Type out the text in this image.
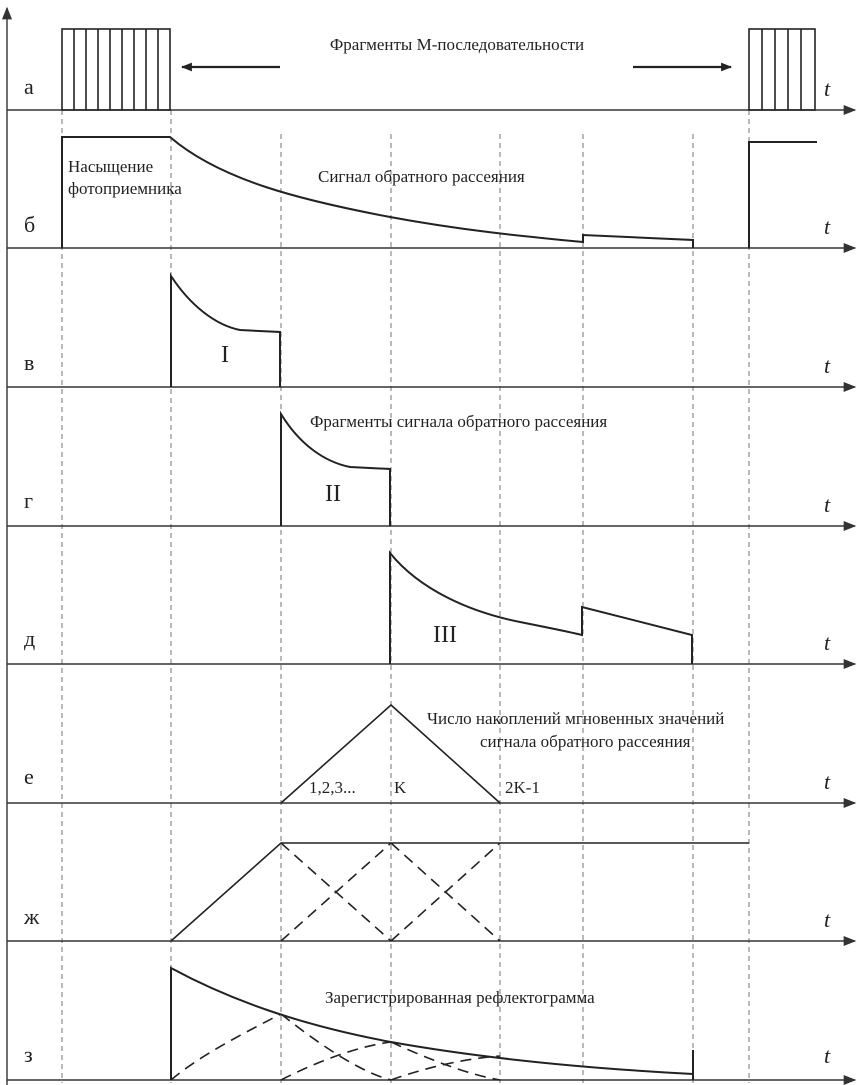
а
б
в
г
д
е
ж
з
t
t
t
t
t
t
t
t
Фрагменты М-последовательности
Насыщение
фотоприемника
Сигнал обратного рассеяния
I
Фрагменты сигнала обратного рассеяния
II
III
Число накоплений мгновенных значений
сигнала обратного рассеяния
1,2,3... K	2K-1
Зарегистрированная рефлектограмма
